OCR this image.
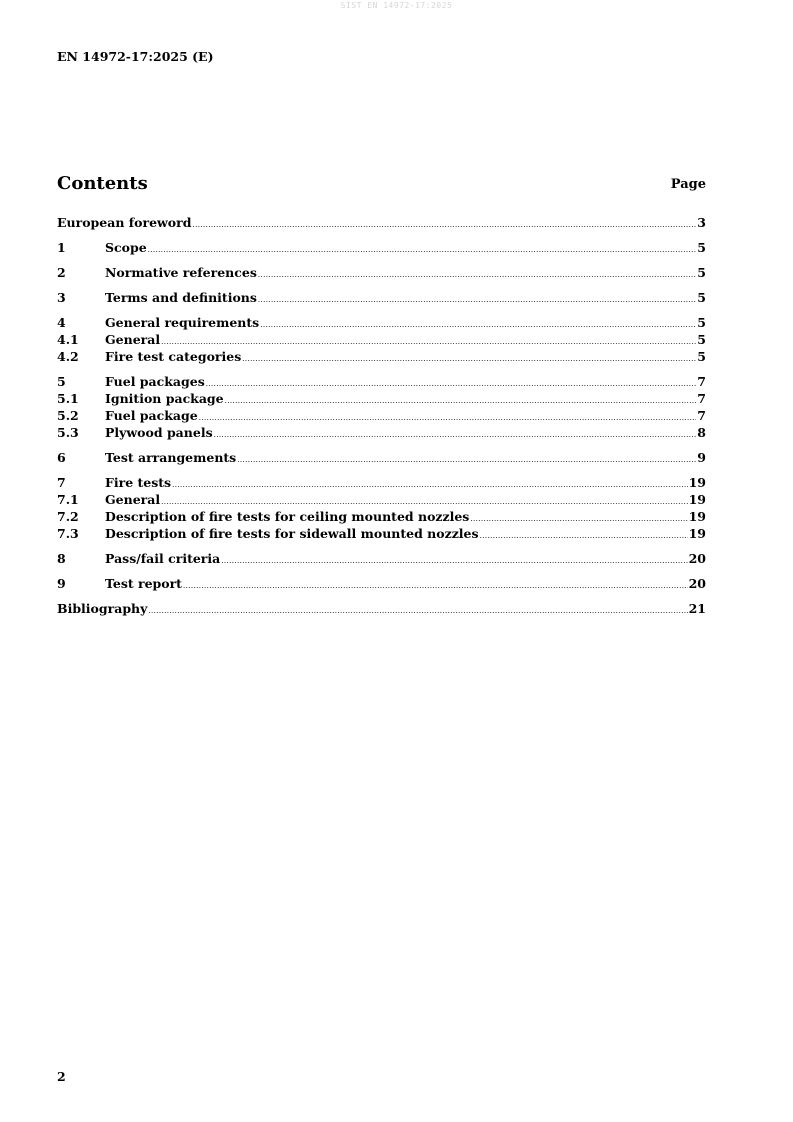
SIST EN 14972-17:2025
EN 14972-17:2025 (E)
Contents	Page
European foreword .....	3
1	Scope .....	5
2	Normative references .....	5
3	Terms and definitions .....	5
4	General requirements .....	5
4.1	General .....	5
4.2	Fire test categories .....	5
5	Fuel packages .....	7
5.1	Ignition package .....	7
5.2	Fuel package .....	7
5.3	Plywood panels .....	8
6	Test arrangements .....	9
7	Fire tests .....	19
7.1	General .....	19
7.2	Description of fire tests for ceiling mounted nozzles .....	19
7.3	Description of fire tests for sidewall mounted nozzles .....	19
8	Pass/fail criteria .....	20
9	Test report .....	20
Bibliography .....	21
2
